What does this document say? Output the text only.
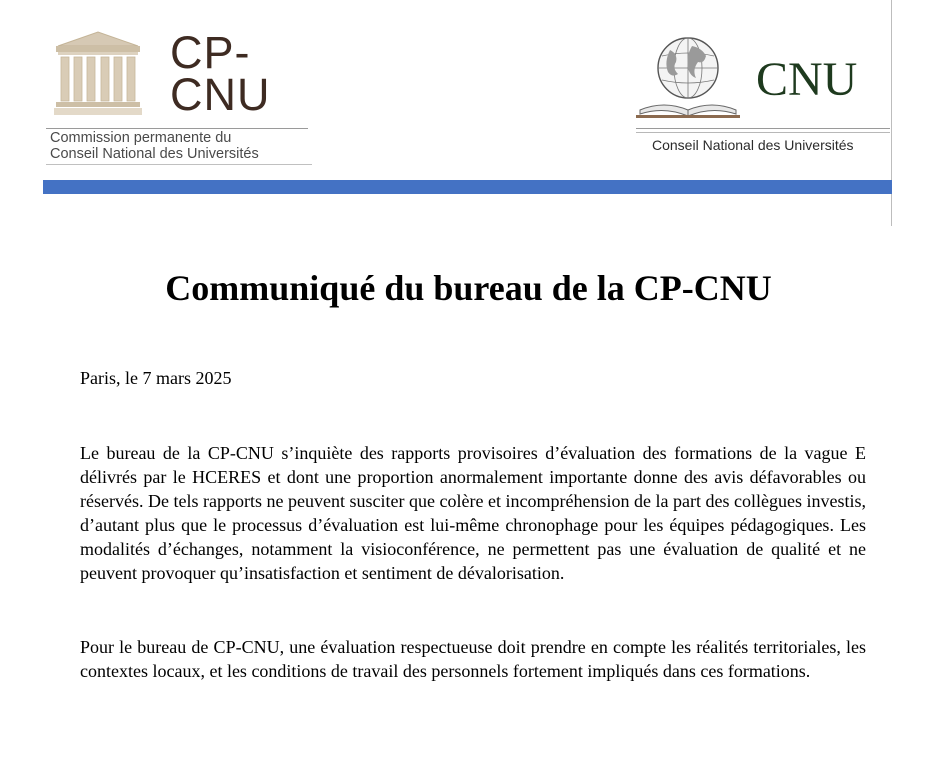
CP-
CNU
Commission permanente du
Conseil National des Universités
CNU
Conseil National des Universités
Communiqué du bureau de la CP-CNU
Paris, le 7 mars 2025
Le bureau de la CP-CNU s’inquiète des rapports provisoires d’évaluation des formations de la vague E délivrés par le HCERES et dont une proportion anormalement importante donne des avis défavorables ou réservés. De tels rapports ne peuvent susciter que colère et incompréhension de la part des collègues investis, d’autant plus que le processus d’évaluation est lui-même chronophage pour les équipes pédagogiques. Les modalités d’échanges, notamment la visioconférence, ne permettent pas une évaluation de qualité et ne peuvent provoquer qu’insatisfaction et sentiment de dévalorisation.
Pour le bureau de CP-CNU, une évaluation respectueuse doit prendre en compte les réalités territoriales, les contextes locaux, et les conditions de travail des personnels fortement impliqués dans ces formations.
